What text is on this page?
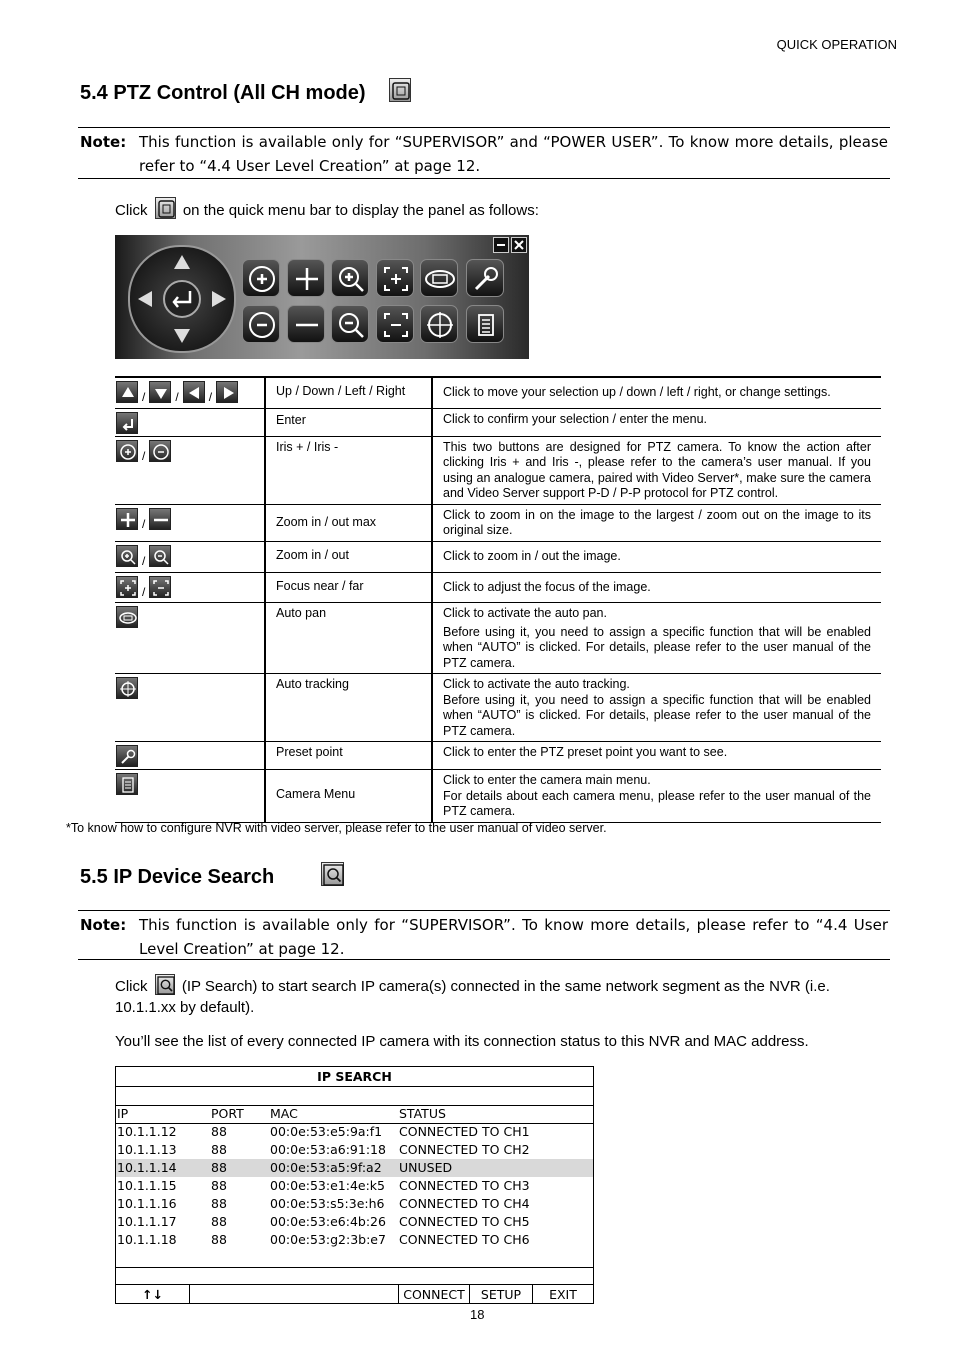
QUICK OPERATION
5.4 PTZ Control (All CH mode)

Note: This function is available only for “SUPERVISOR” and “POWER USER”. To know more details, please refer to “4.4 User Level Creation” at page 12.
Click on the quick menu bar to display the panel as follows:
/ / /	Up / Down / Left / Right	Click to move your selection up / down / left / right, or change settings.

	Enter	Click to confirm your selection / enter the menu.

/	Iris + / Iris -	This two buttons are designed for PTZ camera. To know the action after clicking Iris + and Iris -, please refer to the camera’s user manual. If you using an analogue camera, paired with Video Server*, make sure the camera and Video Server support P-D / P-P protocol for PTZ control.

/	Zoom in / out max	Click to zoom in on the image to the largest / zoom out on the image to its original size.

/	Zoom in / out	Click to zoom in / out the image.

/	Focus near / far	Click to adjust the focus of the image.

	Auto pan	Click to activate the auto pan.
Before using it, you need to assign a specific function that will be enabled when “AUTO” is clicked. For details, please refer to the user manual of the PTZ camera.

	Auto tracking	Click to activate the auto tracking.
Before using it, you need to assign a specific function that will be enabled when “AUTO” is clicked. For details, please refer to the user manual of the PTZ camera.

	Preset point	Click to enter the PTZ preset point you want to see.

	Camera Menu	Click to enter the camera main menu.
For details about each camera menu, please refer to the user manual of the PTZ camera.
*To know how to configure NVR with video server, please refer to the user manual of video server.
5.5 IP Device Search
Note: This function is available only for “SUPERVISOR”. To know more details, please refer to “4.4 User Level Creation” at page 12.
Click (IP Search) to start search IP camera(s) connected in the same network segment as the NVR (i.e. 10.1.1.xx by default).
You’ll see the list of every connected IP camera with its connection status to this NVR and MAC address.
IP SEARCH
IP	PORT MAC	STATUS
10.1.1.12	88	00:0e:53:e5:9a:f1 CONNECTED TO CH1
10.1.1.13	88	00:0e:53:a6:91:18 CONNECTED TO CH2
10.1.1.14	88	00:0e:53:a5:9f:a2 UNUSED
10.1.1.15	88	00:0e:53:e1:4e:k5 CONNECTED TO CH3
10.1.1.16	88	00:0e:53:s5:3e:h6 CONNECTED TO CH4
10.1.1.17	88	00:0e:53:e6:4b:26 CONNECTED TO CH5
10.1.1.18	88	00:0e:53:g2:3b:e7 CONNECTED TO CH6
↑↓	CONNECT	SETUP	EXIT
18
